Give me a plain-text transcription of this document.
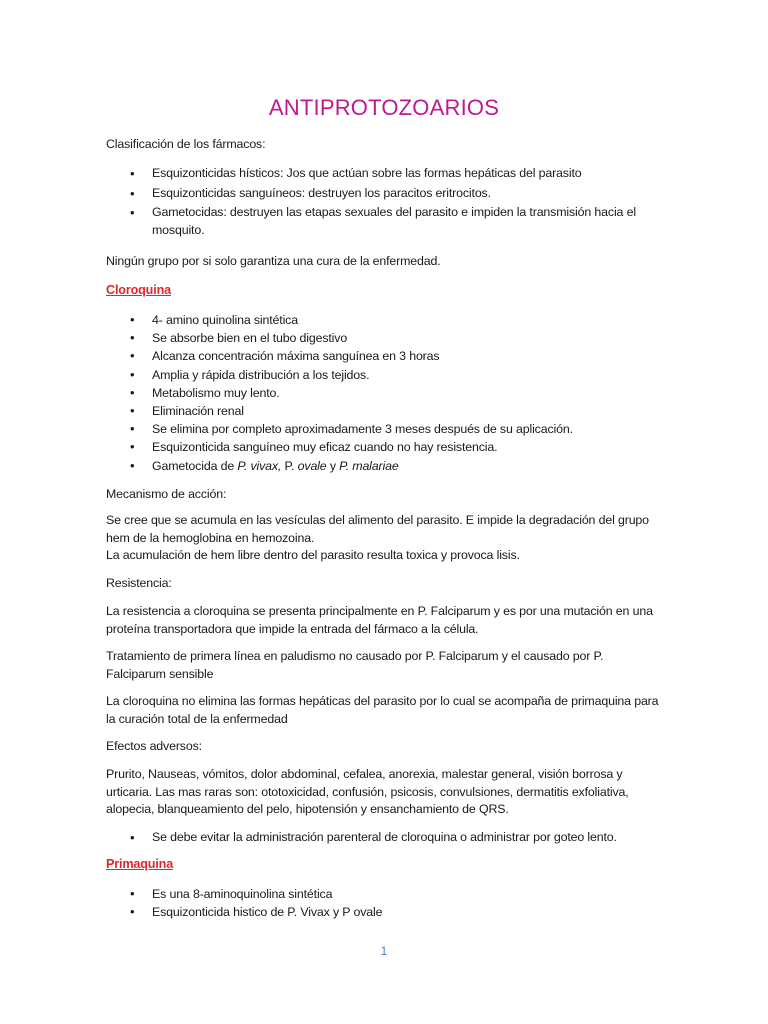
ANTIPROTOZOARIOS

Clasificación de los fármacos:

• Esquizonticidas hísticos: Jos que actúan sobre las formas hepáticas del parasito
• Esquizonticidas sanguíneos: destruyen los paracitos eritrocitos.
• Gametocidas: destruyen las etapas sexuales del parasito e impiden la transmisión hacia el mosquito.

Ningún grupo por si solo garantiza una cura de la enfermedad.

Cloroquina

• 4- amino quinolina sintética
• Se absorbe bien en el tubo digestivo
• Alcanza concentración máxima sanguínea en 3 horas
• Amplia y rápida distribución a los tejidos.
• Metabolismo muy lento.
• Eliminación renal
• Se elimina por completo aproximadamente 3 meses después de su aplicación.
• Esquizonticida sanguíneo muy eficaz cuando no hay resistencia.
• Gametocida de P. vivax, P. ovale y P. malariae

Mecanismo de acción:

Se cree que se acumula en las vesículas del alimento del parasito. E impide la degradación del grupo hem de la hemoglobina en hemozoina.

La acumulación de hem libre dentro del parasito resulta toxica y provoca lisis.

Resistencia:

La resistencia a cloroquina se presenta principalmente en P. Falciparum y es por una mutación en una proteína transportadora que impide la entrada del fármaco a la célula.

Tratamiento de primera línea en paludismo no causado por P. Falciparum y el causado por P. Falciparum sensible

La cloroquina no elimina las formas hepáticas del parasito por lo cual se acompaña de primaquina para la curación total de la enfermedad

Efectos adversos:

Prurito, Nauseas, vómitos, dolor abdominal, cefalea, anorexia, malestar general, visión borrosa y urticaria. Las mas raras son: ototoxicidad, confusión, psicosis, convulsiones, dermatitis exfoliativa, alopecia, blanqueamiento del pelo, hipotensión y ensanchamiento de QRS.

• Se debe evitar la administración parenteral de cloroquina o administrar por goteo lento.

Primaquina

• Es una 8-aminoquinolina sintética
• Esquizonticida histico de P. Vivax y P ovale
1
